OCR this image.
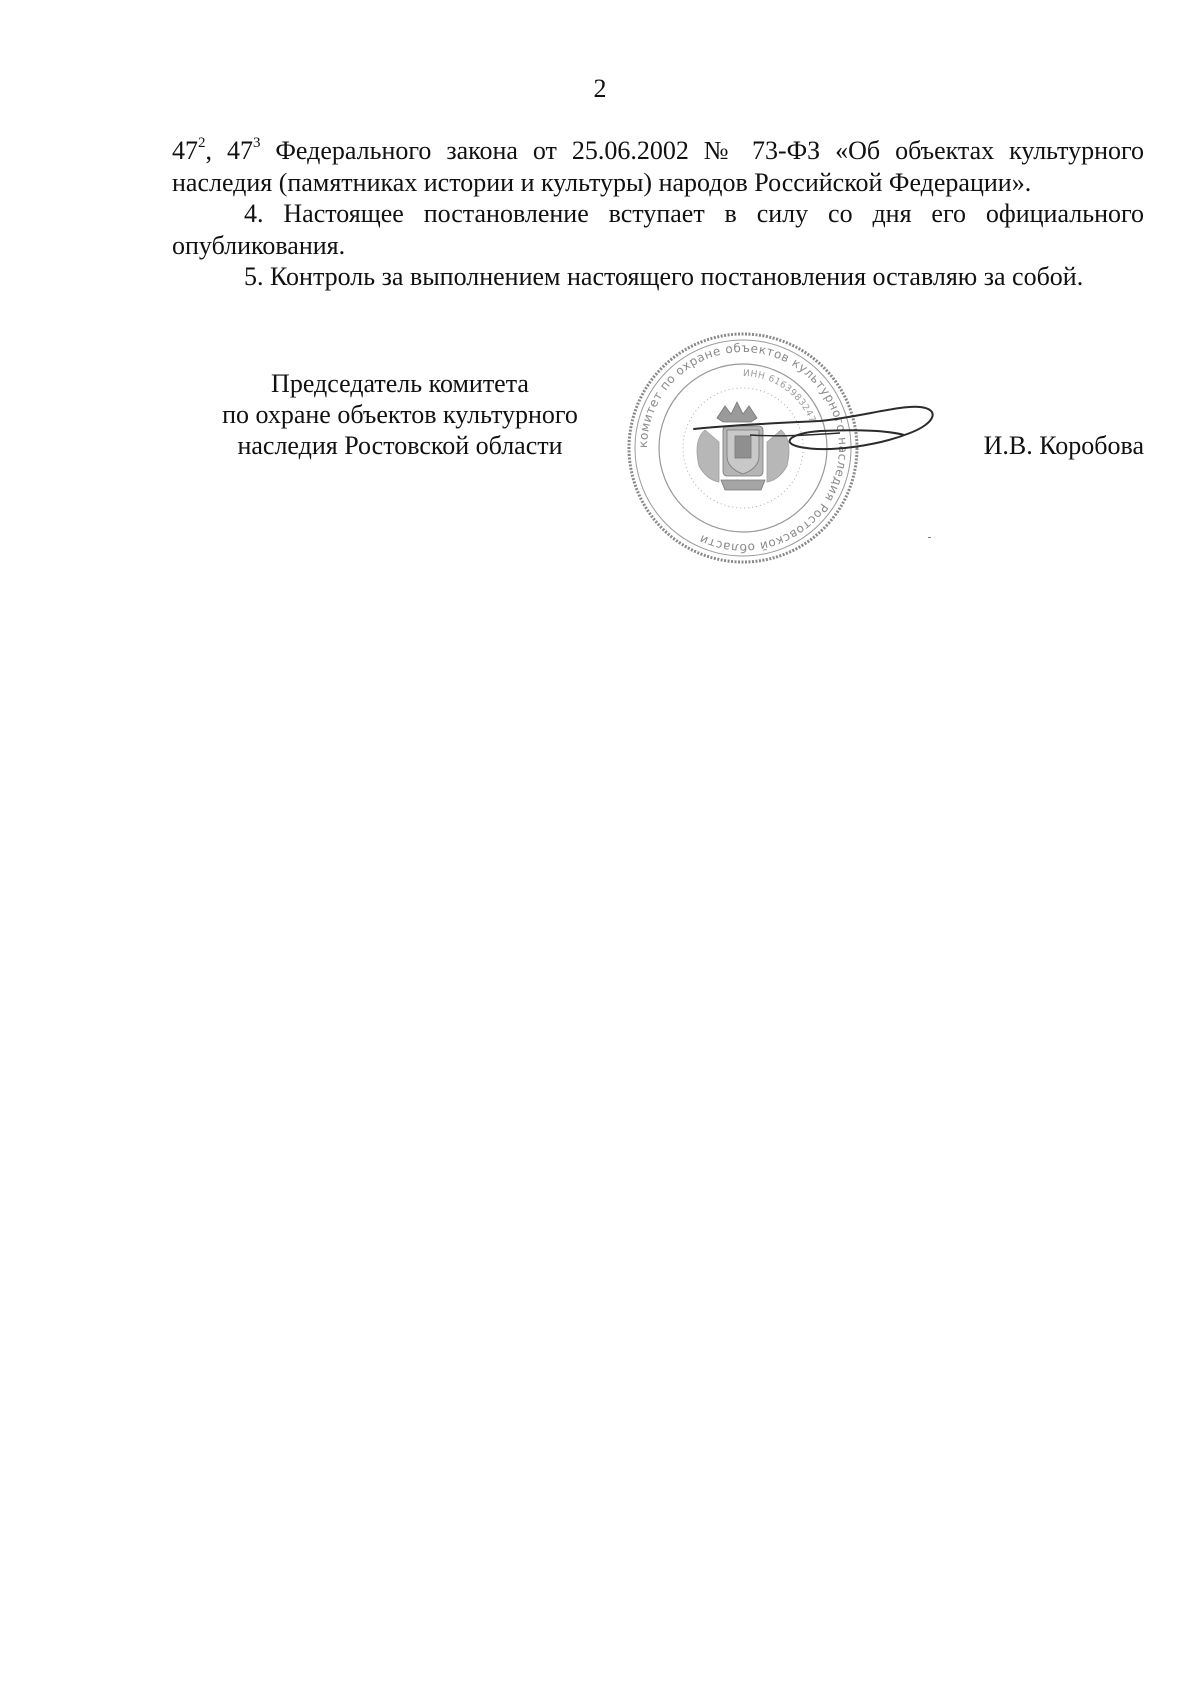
2

$47^2$, $47^3$ Федерального закона от 25.06.2002 № 73-ФЗ «Об объектах культурного наследия (памятниках истории и культуры) народов Российской Федерации».

4. Настоящее постановление вступает в силу со дня его официального опубликования.

5. Контроль за выполнением настоящего постановления оставляю за собой.

Председатель комитета
по охране объектов культурного
наследия Ростовской области	комитет по охране объектов культурного наследия Ростовской области
ИНН 6163983247
И.В. Коробова
